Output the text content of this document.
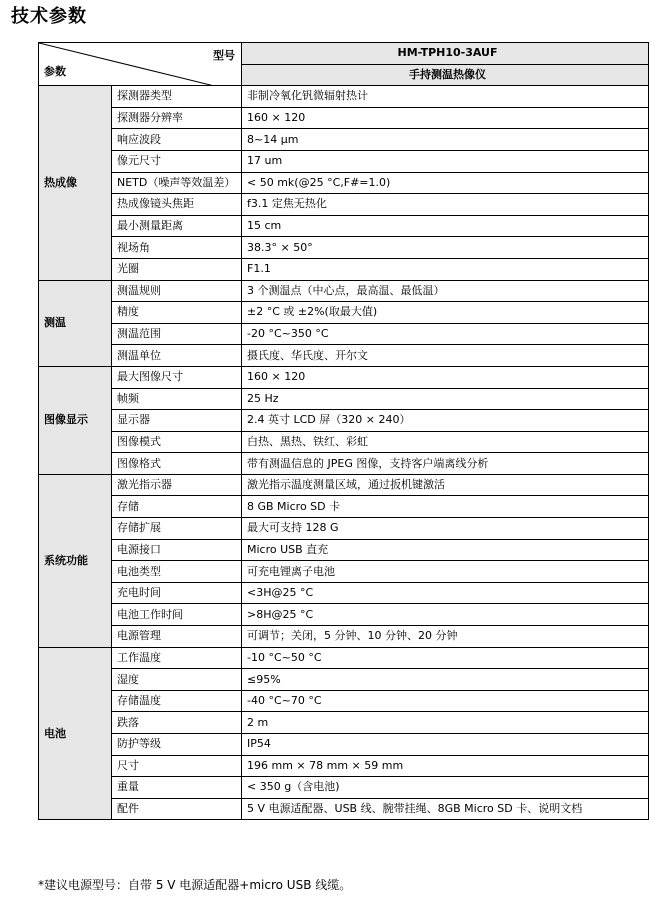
技术参数
型号
参数		HM-TPH10-3AUF
		手持测温热像仪
热成像	探测器类型	非制冷氧化钒微辐射热计
	探测器分辨率	160 × 120
	响应波段	8~14 μm
	像元尺寸	17 um
	NETD（噪声等效温差）	< 50 mk(@25 °C,F#=1.0)
	热成像镜头焦距	f3.1 定焦无热化
	最小测量距离	15 cm
	视场角	38.3° × 50°
	光圈	F1.1
测温	测温规则	3 个测温点（中心点，最高温、最低温）
	精度	±2 °C 或 ±2%(取最大值)
	测温范围	-20 °C~350 °C
	测温单位	摄氏度、华氏度、开尔文
图像显示	最大图像尺寸	160 × 120
	帧频	25 Hz
	显示器	2.4 英寸 LCD 屏（320 × 240）
	图像模式	白热、黑热、铁红、彩虹
	图像格式	带有测温信息的 JPEG 图像，支持客户端离线分析
系统功能	激光指示器	激光指示温度测量区域，通过扳机键激活
	存储	8 GB Micro SD 卡
	存储扩展	最大可支持 128 G
	电源接口	Micro USB 直充
	电池类型	可充电锂离子电池
	充电时间	<3H@25 °C
	电池工作时间	>8H@25 °C
	电源管理	可调节；关闭，5 分钟、10 分钟、20 分钟
电池	工作温度	-10 °C~50 °C
	湿度	≤95%
	存储温度	-40 °C~70 °C
	跌落	2 m
	防护等级	IP54
	尺寸	196 mm × 78 mm × 59 mm
	重量	< 350 g（含电池)
	配件	5 V 电源适配器、USB 线、腕带挂绳、8GB Micro SD 卡、说明文档

*建议电源型号：自带 5 V 电源适配器+micro USB 线缆。
